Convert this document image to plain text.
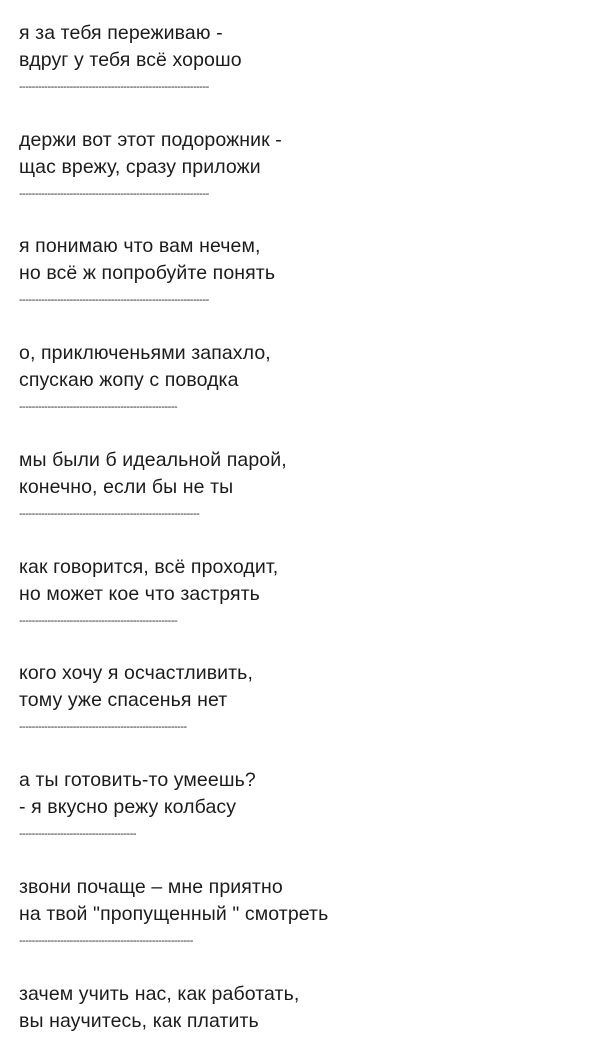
я за тебя переживаю -
вдруг у тебя всё хорошо
------------------------------------------------------------
держи вот этот подорожник -
щас врежу, сразу приложи
------------------------------------------------------------
я понимаю что вам нечем,
но всё ж попробуйте понять
------------------------------------------------------------
о, приключеньями запахло,
спускаю жопу с поводка
--------------------------------------------------
мы были б идеальной парой,
конечно, если бы не ты
---------------------------------------------------------
как говорится, всё проходит,
но может кое что застрять
--------------------------------------------------
кого хочу я осчастливить,
тому уже спасенья нет
-----------------------------------------------------
а ты готовить-то умеешь?
- я вкусно режу колбасу
-------------------------------------
звони почаще – мне приятно
на твой "пропущенный " смотреть
-------------------------------------------------------
зачем учить нас, как работать,
вы научитесь, как платить
